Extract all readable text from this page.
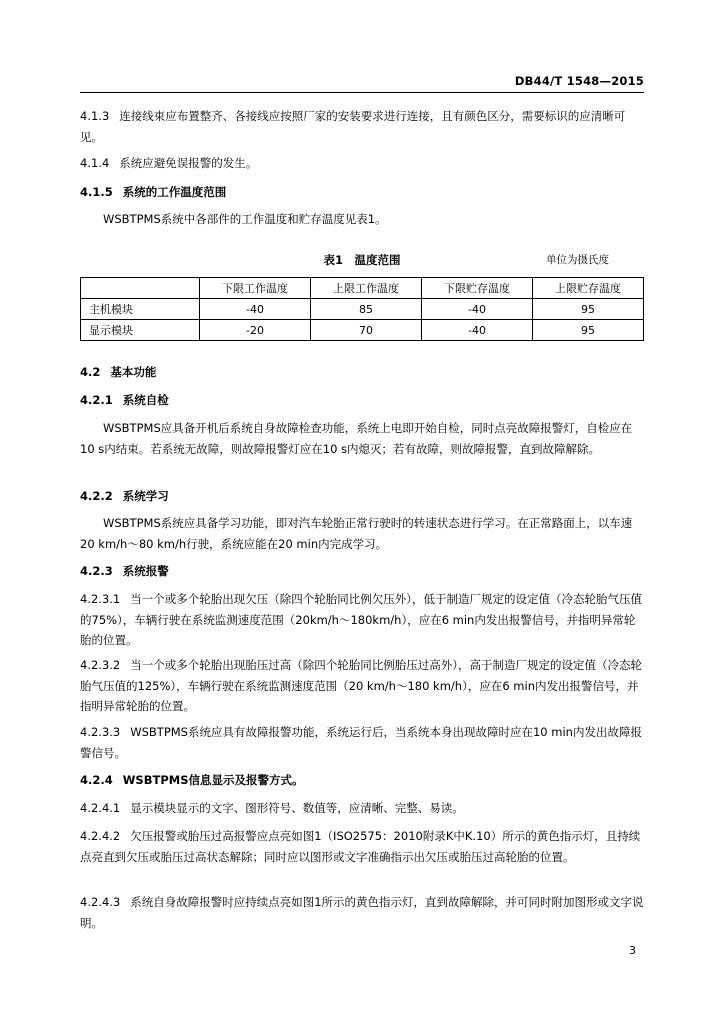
DB44/T 1548—2015
4.1.3 连接线束应布置整齐、各接线应按照厂家的安装要求进行连接，且有颜色区分，需要标识的应清晰可见。
4.1.4 系统应避免误报警的发生。
4.1.5 系统的工作温度范围
WSBTPMS系统中各部件的工作温度和贮存温度见表1。
表1　温度范围	单位为摄氏度
	下限工作温度	上限工作温度	下限贮存温度	上限贮存温度
主机模块	-40	85	-40	95
显示模块	-20	70	-40	95
4.2 基本功能
4.2.1 系统自检
WSBTPMS应具备开机后系统自身故障检查功能，系统上电即开始自检，同时点亮故障报警灯，自检应在10 s内结束。若系统无故障，则故障报警灯应在10 s内熄灭；若有故障，则故障报警，直到故障解除。
4.2.2 系统学习
WSBTPMS系统应具备学习功能，即对汽车轮胎正常行驶时的转速状态进行学习。在正常路面上，以车速20 km/h～80 km/h行驶，系统应能在20 min内完成学习。
4.2.3 系统报警
4.2.3.1 当一个或多个轮胎出现欠压（除四个轮胎同比例欠压外），低于制造厂规定的设定值（冷态轮胎气压值的75%），车辆行驶在系统监测速度范围（20km/h～180km/h），应在6 min内发出报警信号，并指明异常轮胎的位置。
4.2.3.2 当一个或多个轮胎出现胎压过高（除四个轮胎同比例胎压过高外），高于制造厂规定的设定值（冷态轮胎气压值的125%），车辆行驶在系统监测速度范围（20 km/h～180 km/h），应在6 min内发出报警信号，并指明异常轮胎的位置。
4.2.3.3 WSBTPMS系统应具有故障报警功能，系统运行后，当系统本身出现故障时应在10 min内发出故障报警信号。
4.2.4 WSBTPMS信息显示及报警方式。
4.2.4.1 显示模块显示的文字、图形符号、数值等，应清晰、完整、易读。
4.2.4.2 欠压报警或胎压过高报警应点亮如图1（ISO2575：2010附录K中K.10）所示的黄色指示灯，且持续点亮直到欠压或胎压过高状态解除；同时应以图形或文字准确指示出欠压或胎压过高轮胎的位置。
4.2.4.3 系统自身故障报警时应持续点亮如图1所示的黄色指示灯，直到故障解除，并可同时附加图形或文字说明。
3
